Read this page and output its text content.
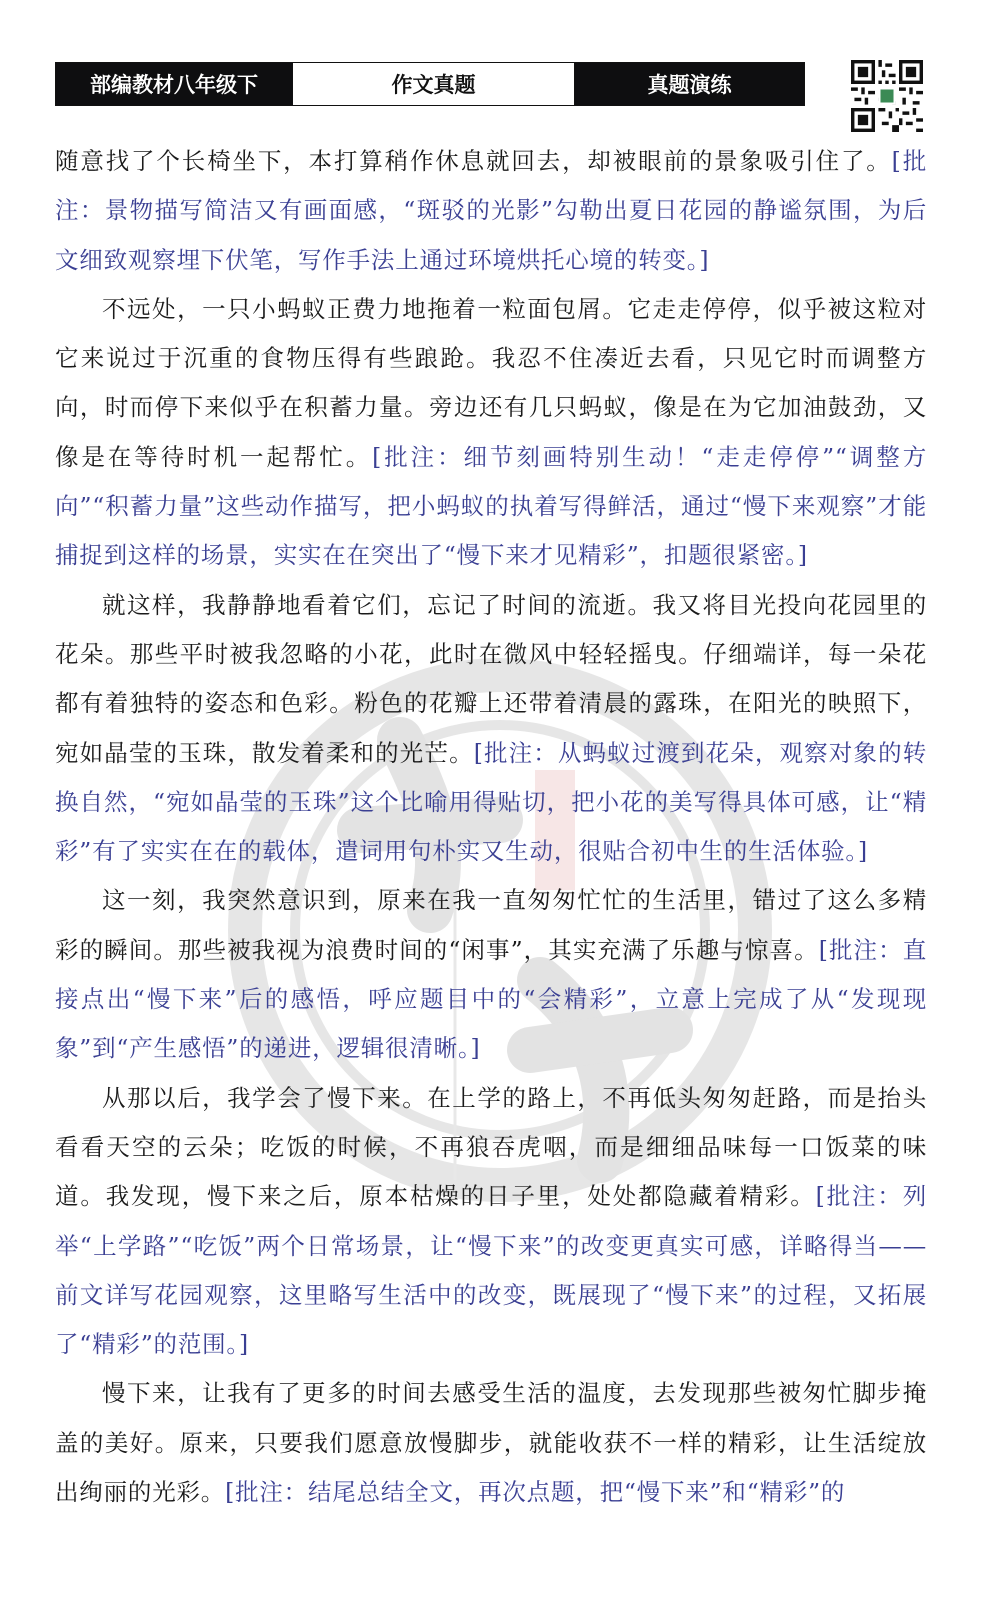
部编教材八年级下	作文真题	真题演练

随意找了个长椅坐下，本打算稍作休息就回去，却被眼前的景象吸引住了。[批注：景物描写简洁又有画面感，“斑驳的光影”勾勒出夏日花园的静谧氛围，为后文细致观察埋下伏笔，写作手法上通过环境烘托心境的转变。]

不远处，一只小蚂蚁正费力地拖着一粒面包屑。它走走停停，似乎被这粒对它来说过于沉重的食物压得有些踉跄。我忍不住凑近去看，只见它时而调整方向，时而停下来似乎在积蓄力量。旁边还有几只蚂蚁，像是在为它加油鼓劲，又像是在等待时机一起帮忙。[批注：细节刻画特别生动！“走走停停”“调整方向”“积蓄力量”这些动作描写，把小蚂蚁的执着写得鲜活，通过“慢下来观察”才能捕捉到这样的场景，实实在在突出了“慢下来才见精彩”，扣题很紧密。]

就这样，我静静地看着它们，忘记了时间的流逝。我又将目光投向花园里的花朵。那些平时被我忽略的小花，此时在微风中轻轻摇曳。仔细端详，每一朵花都有着独特的姿态和色彩。粉色的花瓣上还带着清晨的露珠，在阳光的映照下，宛如晶莹的玉珠，散发着柔和的光芒。[批注：从蚂蚁过渡到花朵，观察对象的转换自然，“宛如晶莹的玉珠”这个比喻用得贴切，把小花的美写得具体可感，让“精彩”有了实实在在的载体，遣词用句朴实又生动，很贴合初中生的生活体验。]

这一刻，我突然意识到，原来在我一直匆匆忙忙的生活里，错过了这么多精彩的瞬间。那些被我视为浪费时间的“闲事”，其实充满了乐趣与惊喜。[批注：直接点出“慢下来”后的感悟，呼应题目中的“会精彩”，立意上完成了从“发现现象”到“产生感悟”的递进，逻辑很清晰。]

从那以后，我学会了慢下来。在上学的路上，不再低头匆匆赶路，而是抬头看看天空的云朵；吃饭的时候，不再狼吞虎咽，而是细细品味每一口饭菜的味道。我发现，慢下来之后，原本枯燥的日子里，处处都隐藏着精彩。[批注：列举“上学路”“吃饭”两个日常场景，让“慢下来”的改变更真实可感，详略得当——前文详写花园观察，这里略写生活中的改变，既展现了“慢下来”的过程，又拓展了“精彩”的范围。]

慢下来，让我有了更多的时间去感受生活的温度，去发现那些被匆忙脚步掩盖的美好。原来，只要我们愿意放慢脚步，就能收获不一样的精彩，让生活绽放出绚丽的光彩。[批注：结尾总结全文，再次点题，把“慢下来”和“精彩”的
